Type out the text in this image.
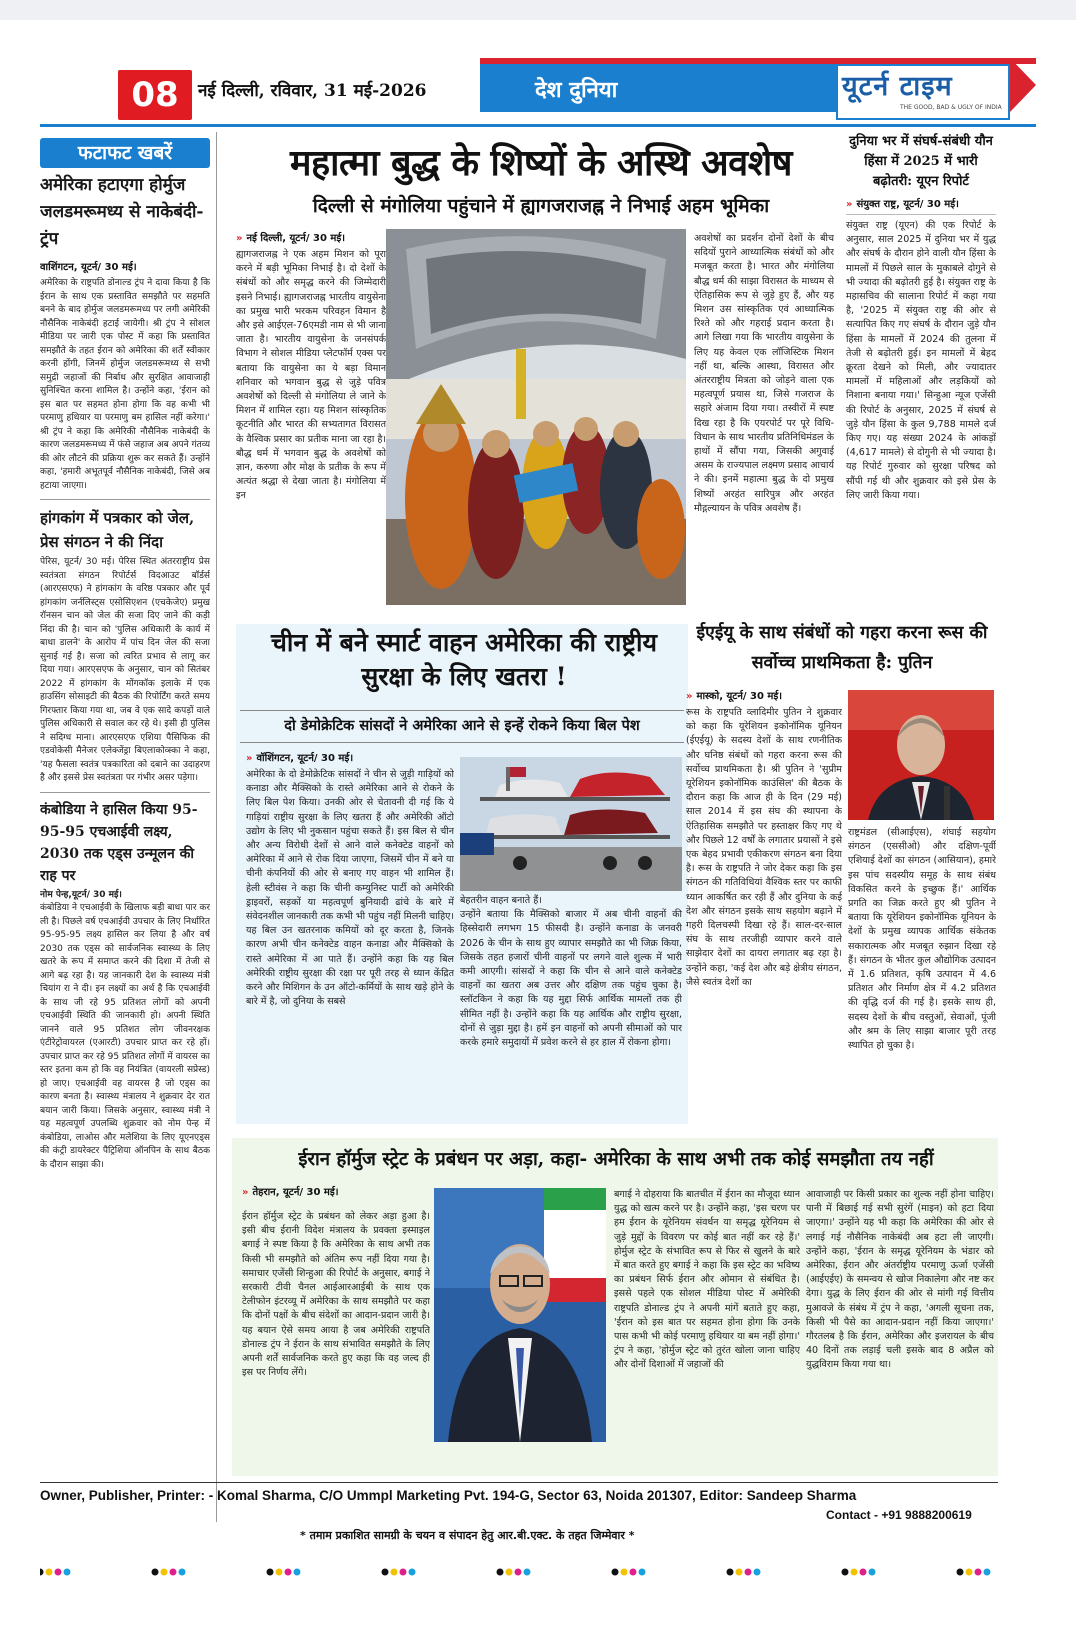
08	नई दिल्ली, रविवार, 31 मई-2026	देश दुनिया	यूटर्न टाइम
THE GOOD, BAD & UGLY OF INDIA
फटाफट खबरें

अमेरिका हटाएगा होर्मुज जलडमरूमध्य से नाकेबंदी-ट्रंप

वाशिंगटन, यूटर्न/ 30 मई।

अमेरिका के राष्ट्रपति डोनाल्ड ट्रंप ने दावा किया है कि ईरान के साथ एक प्रस्तावित समझौते पर सहमति बनने के बाद होर्मुज जलडमरूमध्य पर लगी अमेरिकी नौसैनिक नाकेबंदी हटाई जायेगी। श्री ट्रंप ने सोशल मीडिया पर जारी एक पोस्ट में कहा कि प्रस्तावित समझौते के तहत ईरान को अमेरिका की शर्तें स्वीकार करनी होंगी, जिनमें होर्मुज जलडमरूमध्य से सभी समुद्री जहाजों की निर्बाध और सुरक्षित आवाजाही सुनिश्चित करना शामिल है। उन्होंने कहा, 'ईरान को इस बात पर सहमत होना होगा कि वह कभी भी परमाणु हथियार या परमाणु बम हासिल नहीं करेगा।' श्री ट्रंप ने कहा कि अमेरिकी नौसैनिक नाकेबंदी के कारण जलडमरूमध्य में फंसे जहाज अब अपने गंतव्य की ओर लौटने की प्रक्रिया शुरू कर सकते हैं। उन्होंने कहा, 'हमारी अभूतपूर्व नौसैनिक नाकेबंदी, जिसे अब हटाया जाएगा।

हांगकांग में पत्रकार को जेल, प्रेस संगठन ने की निंदा

पेरिस, यूटर्न/ 30 मई। पेरिस स्थित अंतरराष्ट्रीय प्रेस स्वतंत्रता संगठन रिपोर्टर्स विदआउट बॉर्डर्स (आरएसएफ) ने हांगकांग के वरिष्ठ पत्रकार और पूर्व हांगकांग जर्नलिस्ट्स एसोसिएशन (एचकेजेए) प्रमुख रॉनसन चान को जेल की सजा दिए जाने की कड़ी निंदा की है। चान को 'पुलिस अधिकारी के कार्य में बाधा डालने' के आरोप में पांच दिन जेल की सजा सुनाई गई है। सजा को त्वरित प्रभाव से लागू कर दिया गया। आरएसएफ के अनुसार, चान को सितंबर 2022 में हांगकांग के मोंगकॉक इलाके में एक हाउसिंग सोसाइटी की बैठक की रिपोर्टिंग करते समय गिरफ्तार किया गया था, जब वे एक सादे कपड़ों वाले पुलिस अधिकारी से सवाल कर रहे थे। इसी ही पुलिस ने सदिग्ध माना। आरएसएफ एशिया पैसिफिक की एडवोकेसी मैनेजर एलेक्जेंड्रा बिएलाकोव्स्का ने कहा, 'यह फैसला स्वतंत्र पत्रकारिता को दबाने का उदाहरण है और इससे प्रेस स्वतंत्रता पर गंभीर असर पड़ेगा।

कंबोडिया ने हासिल किया 95-95-95 एचआईवी लक्ष्य, 2030 तक एड्स उन्मूलन की राह पर

नोम पेन्ह,यूटर्न/ 30 मई।

कंबोडिया ने एचआईवी के खिलाफ बड़ी बाधा पार कर ली है। पिछले वर्ष एचआईवी उपचार के लिए निर्धारित 95-95-95 लक्ष्य हासिल कर लिया है और वर्ष 2030 तक एड्स को सार्वजनिक स्वास्थ्य के लिए खतरे के रूप में समाप्त करने की दिशा में तेजी से आगे बढ़ रहा है। यह जानकारी देश के स्वास्थ्य मंत्री चियांग रा ने दी। इन लक्ष्यों का अर्थ है कि एचआईवी के साथ जी रहे 95 प्रतिशत लोगों को अपनी एचआईवी स्थिति की जानकारी हो। अपनी स्थिति जानने वाले 95 प्रतिशत लोग जीवनरक्षक एंटीरेट्रोवायरल (एआरटी) उपचार प्राप्त कर रहे हों। उपचार प्राप्त कर रहे 95 प्रतिशत लोगों में वायरस का स्तर इतना कम हो कि वह नियंत्रित (वायरली सप्रेस्ड) हो जाए। एचआईवी वह वायरस है जो एड्स का कारण बनता है। स्वास्थ्य मंत्रालय ने शुक्रवार देर रात बयान जारी किया। जिसके अनुसार, स्वास्थ्य मंत्री ने यह महत्वपूर्ण उपलब्धि शुक्रवार को नोम पेन्ह में कंबोडिया, लाओस और मलेशिया के लिए यूएनएड्स की कंट्री डायरेक्टर पैट्रिशिया ऑनपिन के साथ बैठक के दौरान साझा की।

महात्मा बुद्ध के शिष्यों के अस्थि अवशेष
दिल्ली से मंगोलिया पहुंचाने में ह्यागजराजह्न ने निभाई अहम भूमिका

» नई दिल्ली, यूटर्न/ 30 मई।

ह्यागजराजह्न ने एक अहम मिशन को पूरा करने में बड़ी भूमिका निभाई है। दो देशों के संबंधों को और समृद्ध करने की जिम्मेदारी इसने निभाई। ह्यागजराजह्न भारतीय वायुसेना का प्रमुख भारी भरकम परिवहन विमान है और इसे आईएल-76एमडी नाम से भी जाना जाता है। भारतीय वायुसेना के जनसंपर्क विभाग ने सोशल मीडिया प्लेटफॉर्म एक्स पर बताया कि वायुसेना का ये बड़ा विमान शनिवार को भगवान बुद्ध से जुड़े पवित्र अवशेषों को दिल्ली से मंगोलिया ले जाने के मिशन में शामिल रहा। यह मिशन सांस्कृतिक कूटनीति और भारत की सभ्यतागत विरासत के वैश्विक प्रसार का प्रतीक माना जा रहा है। बौद्ध धर्म में भगवान बुद्ध के अवशेषों को ज्ञान, करुणा और मोक्ष के प्रतीक के रूप में अत्यंत श्रद्धा से देखा जाता है। मंगोलिया में इन

अवशेषों का प्रदर्शन दोनों देशों के बीच सदियों पुराने आध्यात्मिक संबंधों को और मजबूत करता है। भारत और मंगोलिया बौद्ध धर्म की साझा विरासत के माध्यम से ऐतिहासिक रूप से जुड़े हुए हैं, और यह मिशन उस सांस्कृतिक एवं आध्यात्मिक रिश्ते को और गहराई प्रदान करता है। आगे लिखा गया कि भारतीय वायुसेना के लिए यह केवल एक लॉजिस्टिक मिशन नहीं था, बल्कि आस्था, विरासत और अंतरराष्ट्रीय मित्रता को जोड़ने वाला एक महत्वपूर्ण प्रयास था, जिसे गजराज के सहारे अंजाम दिया गया। तस्वीरों में स्पष्ट दिख रहा है कि एयरपोर्ट पर पूरे विधि-विधान के साथ भारतीय प्रतिनिधिमंडल के हाथों में सौंपा गया, जिसकी अगुवाई असम के राज्यपाल लक्ष्मण प्रसाद आचार्य ने की। इनमें महात्मा बुद्ध के दो प्रमुख शिष्यों अरहंत सारिपुत्र और अरहंत मौद्गल्यायन के पवित्र अवशेष हैं।

दुनिया भर में संघर्ष-संबंधी यौन हिंसा में 2025 में भारी बढ़ोतरी: यूएन रिपोर्ट

» संयुक्त राष्ट्र, यूटर्न/ 30 मई।

संयुक्त राष्ट्र (यूएन) की एक रिपोर्ट के अनुसार, साल 2025 में दुनिया भर में युद्ध और संघर्ष के दौरान होने वाली यौन हिंसा के मामलों में पिछले साल के मुकाबले दोगुने से भी ज्यादा की बढ़ोतरी हुई है। संयुक्त राष्ट्र के महासचिव की सालाना रिपोर्ट में कहा गया है, '2025 में संयुक्त राष्ट्र की ओर से सत्यापित किए गए संघर्ष के दौरान जुड़े यौन हिंसा के मामलों में 2024 की तुलना में तेजी से बढ़ोतरी हुई। इन मामलों में बेहद क्रूरता देखने को मिली, और ज्यादातर मामलों में महिलाओं और लड़कियों को निशाना बनाया गया।' सिन्हुआ न्यूज एजेंसी की रिपोर्ट के अनुसार, 2025 में संघर्ष से जुड़े यौन हिंसा के कुल 9,788 मामले दर्ज किए गए। यह संख्या 2024 के आंकड़ों (4,617 मामले) से दोगुनी से भी ज्यादा है। यह रिपोर्ट गुरुवार को सुरक्षा परिषद को सौंपी गई थी और शुक्रवार को इसे प्रेस के लिए जारी किया गया।

चीन में बने स्मार्ट वाहन अमेरिका की राष्ट्रीय सुरक्षा के लिए खतरा !

दो डेमोक्रेटिक सांसदों ने अमेरिका आने से इन्हें रोकने किया बिल पेश

» वॉशिंगटन, यूटर्न/ 30 मई।

अमेरिका के दो डेमोक्रेटिक सांसदों ने चीन से जुड़ी गाड़ियों को कनाडा और मैक्सिको के रास्ते अमेरिका आने से रोकने के लिए बिल पेश किया। उनकी ओर से चेतावनी दी गई कि ये गाड़ियां राष्ट्रीय सुरक्षा के लिए खतरा हैं और अमेरिकी ऑटो उद्योग के लिए भी नुकसान पहुंचा सकते हैं। इस बिल से चीन और अन्य विरोधी देशों से आने वाले कनेक्टेड वाहनों को अमेरिका में आने से रोक दिया जाएगा, जिसमें चीन में बने या चीनी कंपनियों की ओर से बनाए गए वाहन भी शामिल हैं। हेली स्टीवंस ने कहा कि चीनी कम्युनिस्ट पार्टी को अमेरिकी ड्राइवरों, सड़कों या महत्वपूर्ण बुनियादी ढांचे के बारे में संवेदनशील जानकारी तक कभी भी पहुंच नहीं मिलनी चाहिए। यह बिल उन खतरनाक कमियों को दूर करता है, जिनके कारण अभी चीन कनेक्टेड वाहन कनाडा और मैक्सिको के रास्ते अमेरिका में आ पाते हैं। उन्होंने कहा कि यह बिल अमेरिकी राष्ट्रीय सुरक्षा की रक्षा पर पूरी तरह से ध्यान केंद्रित करने और मिशिगन के उन ऑटो-कर्मियों के साथ खड़े होने के बारे में है, जो दुनिया के सबसे

बेहतरीन वाहन बनाते हैं।

उन्होंने बताया कि मैक्सिको बाजार में अब चीनी वाहनों की हिस्सेदारी लगभग 15 फीसदी है। उन्होंने कनाडा के जनवरी 2026 के चीन के साथ हुए व्यापार समझौते का भी जिक्र किया, जिसके तहत हजारों चीनी वाहनों पर लगने वाले शुल्क में भारी कमी आएगी। सांसदों ने कहा कि चीन से आने वाले कनेक्टेड वाहनों का खतरा अब उत्तर और दक्षिण तक पहुंच चुका है। स्लॉटकिन ने कहा कि यह मुद्दा सिर्फ आर्थिक मामलों तक ही सीमित नहीं है। उन्होंने कहा कि यह आर्थिक और राष्ट्रीय सुरक्षा, दोनों से जुड़ा मुद्दा है। हमें इन वाहनों को अपनी सीमाओं को पार करके हमारे समुदायों में प्रवेश करने से हर हाल में रोकना होगा।

ईएईयू के साथ संबंधों को गहरा करना रूस की सर्वोच्च प्राथमिकता है: पुतिन

» मास्को, यूटर्न/ 30 मई।

रूस के राष्ट्रपति व्लादिमीर पुतिन ने शुक्रवार को कहा कि यूरेशियन इकोनॉमिक यूनियन (ईएईयू) के सदस्य देशों के साथ रणनीतिक और घनिष्ठ संबंधों को गहरा करना रूस की सर्वोच्च प्राथमिकता है। श्री पुतिन ने 'सुप्रीम यूरेशियन इकोनॉमिक काउंसिल' की बैठक के दौरान कहा कि आज ही के दिन (29 मई) साल 2014 में इस संघ की स्थापना के ऐतिहासिक समझौते पर हस्ताक्षर किए गए थे और पिछले 12 वर्षों के लगातार प्रयासों ने इसे एक बेहद प्रभावी एकीकरण संगठन बना दिया है। रूस के राष्ट्रपति ने जोर देकर कहा कि इस संगठन की गतिविधियां वैश्विक स्तर पर काफी ध्यान आकर्षित कर रही हैं और दुनिया के कई देश और संगठन इसके साथ सहयोग बढ़ाने में गहरी दिलचस्पी दिखा रहे हैं। साल-दर-साल संघ के साथ तरजीही व्यापार करने वाले साझेदार देशों का दायरा लगातार बढ़ रहा है। उन्होंने कहा, 'कई देश और बड़े क्षेत्रीय संगठन, जैसे स्वतंत्र देशों का

राष्ट्रमंडल (सीआईएस), शंघाई सहयोग संगठन (एससीओ) और दक्षिण-पूर्वी एशियाई देशों का संगठन (आसियान), हमारे इस पांच सदस्यीय समूह के साथ संबंध विकसित करने के इच्छुक हैं।' आर्थिक प्रगति का जिक्र करते हुए श्री पुतिन ने बताया कि यूरेशियन इकोनॉमिक यूनियन के देशों के प्रमुख व्यापक आर्थिक संकेतक सकारात्मक और मजबूत रुझान दिखा रहे हैं। संगठन के भीतर कुल औद्योगिक उत्पादन में 1.6 प्रतिशत, कृषि उत्पादन में 4.6 प्रतिशत और निर्माण क्षेत्र में 4.2 प्रतिशत की वृद्धि दर्ज की गई है। इसके साथ ही, सदस्य देशों के बीच वस्तुओं, सेवाओं, पूंजी और श्रम के लिए साझा बाजार पूरी तरह स्थापित हो चुका है।

ईरान हॉर्मुज स्ट्रेट के प्रबंधन पर अड़ा, कहा- अमेरिका के साथ अभी तक कोई समझौता तय नहीं

» तेहरान, यूटर्न/ 30 मई।

ईरान हॉर्मुज स्ट्रेट के प्रबंधन को लेकर अड़ा हुआ है। इसी बीच ईरानी विदेश मंत्रालय के प्रवक्ता इस्माइल बगाई ने स्पष्ट किया है कि अमेरिका के साथ अभी तक किसी भी समझौते को अंतिम रूप नहीं दिया गया है। समाचार एजेंसी शिन्हुआ की रिपोर्ट के अनुसार, बगाई ने सरकारी टीवी चैनल आईआरआईबी के साथ एक टेलीफोन इंटरव्यू में अमेरिका के साथ समझौते पर कहा कि दोनों पक्षों के बीच संदेशों का आदान-प्रदान जारी है। यह बयान ऐसे समय आया है जब अमेरिकी राष्ट्रपति डोनाल्ड ट्रंप ने ईरान के साथ संभावित समझौते के लिए अपनी शर्तें सार्वजनिक करते हुए कहा कि वह जल्द ही इस पर निर्णय लेंगे।

बगाई ने दोहराया कि बातचीत में ईरान का मौजूदा ध्यान युद्ध को खत्म करने पर है। उन्होंने कहा, 'इस चरण पर हम ईरान के यूरेनियम संवर्धन या समृद्ध यूरेनियम से जुड़े मुद्दों के विवरण पर कोई बात नहीं कर रहे हैं।' होर्मुज स्ट्रेट के संभावित रूप से फिर से खुलने के बारे में बात करते हुए बगाई ने कहा कि इस स्ट्रेट का भविष्य का प्रबंधन सिर्फ ईरान और ओमान से संबंधित है। इससे पहले एक सोशल मीडिया पोस्ट में अमेरिकी राष्ट्रपति डोनाल्ड ट्रंप ने अपनी मांगें बताते हुए कहा, 'ईरान को इस बात पर सहमत होना होगा कि उनके पास कभी भी कोई परमाणु हथियार या बम नहीं होगा।' ट्रंप ने कहा, 'होर्मुज स्ट्रेट को तुरंत खोला जाना चाहिए और दोनों दिशाओं में जहाजों की

आवाजाही पर किसी प्रकार का शुल्क नहीं होना चाहिए। पानी में बिछाई गई सभी सुरंगें (माइन) को हटा दिया जाएगा।' उन्होंने यह भी कहा कि अमेरिका की ओर से लगाई गई नौसैनिक नाकेबंदी अब हटा ली जाएगी। उन्होंने कहा, 'ईरान के समृद्ध यूरेनियम के भंडार को अमेरिका, ईरान और अंतर्राष्ट्रीय परमाणु ऊर्जा एजेंसी (आईएईए) के समन्वय से खोज निकालेगा और नष्ट कर देगा। युद्ध के लिए ईरान की ओर से मांगी गई वित्तीय मुआवजे के संबंध में ट्रंप ने कहा, 'अगली सूचना तक, किसी भी पैसे का आदान-प्रदान नहीं किया जाएगा।' गौरतलब है कि ईरान, अमेरिका और इजरायल के बीच 40 दिनों तक लड़ाई चली इसके बाद 8 अप्रैल को युद्धविराम किया गया था।

Owner, Publisher, Printer: - Komal Sharma, C/O Ummpl Marketing Pvt. 194-G, Sector 63, Noida 201307, Editor: Sandeep Sharma
Contact - +91 9888200619
* तमाम प्रकाशित सामग्री के चयन व संपादन हेतु आर.बी.एक्ट. के तहत जिम्मेवार *
